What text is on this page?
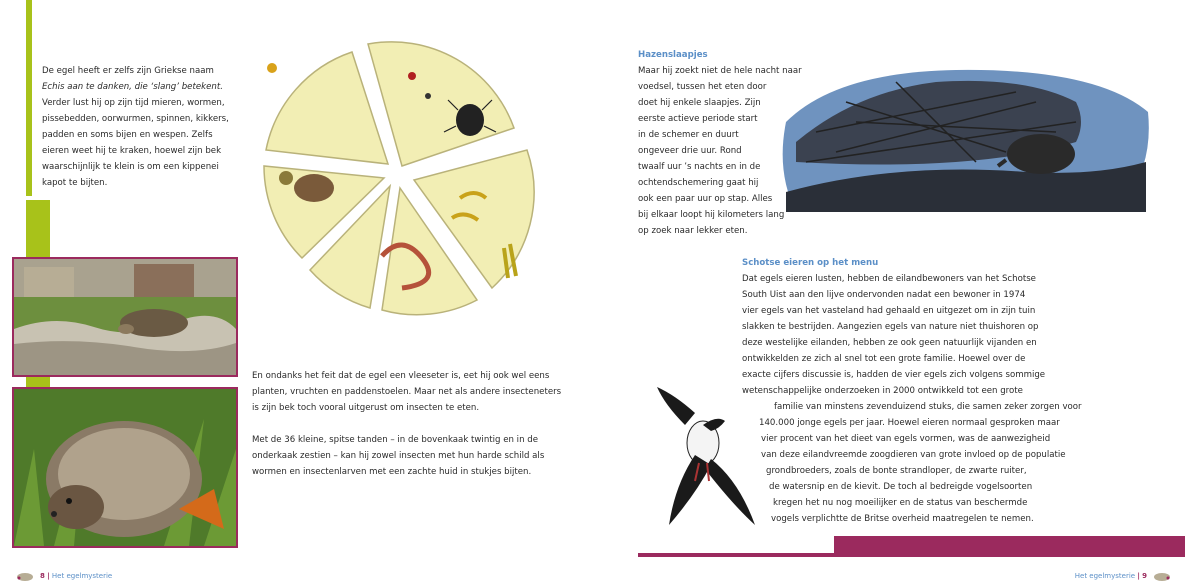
De egel heeft er zelfs zijn Griekse naam
Echis aan te danken, die ‘slang’ betekent.
Verder lust hij op zijn tijd mieren, wormen,
pissebedden, oorwurmen, spinnen, kikkers,
padden en soms bijen en wespen. Zelfs
eieren weet hij te kraken, hoewel zijn bek
waarschijnlijk te klein is om een kippenei
kapot te bijten.
En ondanks het feit dat de egel een vleeseter is, eet hij ook wel eens
planten, vruchten en paddenstoelen. Maar net als andere insecteneters
is zijn bek toch vooral uitgerust om insecten te eten.
Met de 36 kleine, spitse tanden – in de bovenkaak twintig en in de
onderkaak zestien – kan hij zowel insecten met hun harde schild als
wormen en insectenlarven met een zachte huid in stukjes bijten.
8 | Het egelmysterie
Hazenslaapjes
Maar hij zoekt niet de hele nacht naar
voedsel, tussen het eten door
doet hij enkele slaapjes. Zijn
eerste actieve periode start
in de schemer en duurt
ongeveer drie uur. Rond
twaalf uur ’s nachts en in de
ochtendschemering gaat hij
ook een paar uur op stap. Alles
bij elkaar loopt hij kilometers lang
op zoek naar lekker eten.
Schotse eieren op het menu
Dat egels eieren lusten, hebben de eilandbewoners van het Schotse
South Uist aan den lijve ondervonden nadat een bewoner in 1974
vier egels van het vasteland had gehaald en uitgezet om in zijn tuin
slakken te bestrijden. Aangezien egels van nature niet thuishoren op
deze westelijke eilanden, hebben ze ook geen natuurlijk vijanden en
ontwikkelden ze zich al snel tot een grote familie. Hoewel over de
exacte cijfers discussie is, hadden de vier egels zich volgens sommige
wetenschappelijke onderzoeken in 2000 ontwikkeld tot een grote
familie van minstens zevenduizend stuks, die samen zeker zorgen voor
140.000 jonge egels per jaar. Hoewel eieren normaal gesproken maar
vier procent van het dieet van egels vormen, was de aanwezigheid
van deze eilandvreemde zoogdieren van grote invloed op de populatie
grondbroeders, zoals de bonte strandloper, de zwarte ruiter,
de watersnip en de kievit. De toch al bedreigde vogelsoorten
kregen het nu nog moeilijker en de status van beschermde
vogels verplichtte de Britse overheid maatregelen te nemen.
Het egelmysterie | 9
